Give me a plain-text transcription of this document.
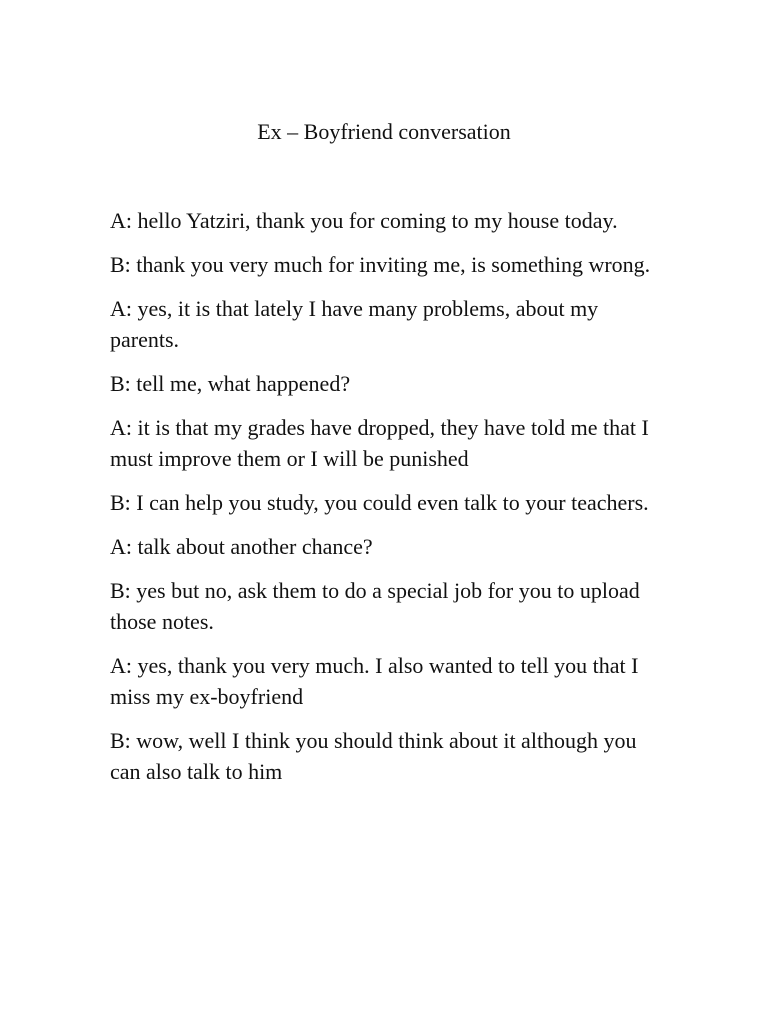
Ex – Boyfriend conversation

A: hello Yatziri, thank you for coming to my house today.

B: thank you very much for inviting me, is something wrong.

A: yes, it is that lately I have many problems, about my parents.

B: tell me, what happened?

A: it is that my grades have dropped, they have told me that I must improve them or I will be punished

B: I can help you study, you could even talk to your teachers.

A: talk about another chance?

B: yes but no, ask them to do a special job for you to upload those notes.

A: yes, thank you very much. I also wanted to tell you that I miss my ex-boyfriend

B: wow, well I think you should think about it although you can also talk to him
